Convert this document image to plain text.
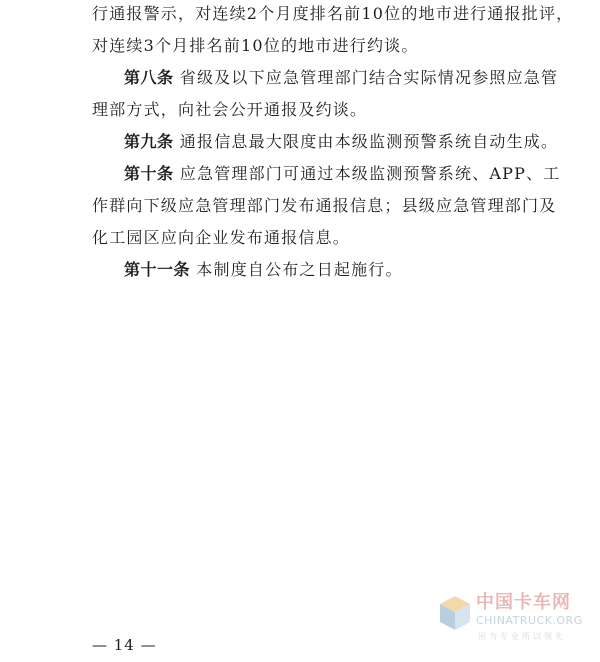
行通报警示，对连续2个月度排名前10位的地市进行通报批评，
对连续3个月排名前10位的地市进行约谈。
第八条 省级及以下应急管理部门结合实际情况参照应急管
理部方式，向社会公开通报及约谈。
第九条 通报信息最大限度由本级监测预警系统自动生成。
第十条 应急管理部门可通过本级监测预警系统、APP、工
作群向下级应急管理部门发布通报信息；县级应急管理部门及
化工园区应向企业发布通报信息。
第十一条 本制度自公布之日起施行。
— 14 —
中国卡车网
CHINATRUCK.ORG
因为专业所以领先
